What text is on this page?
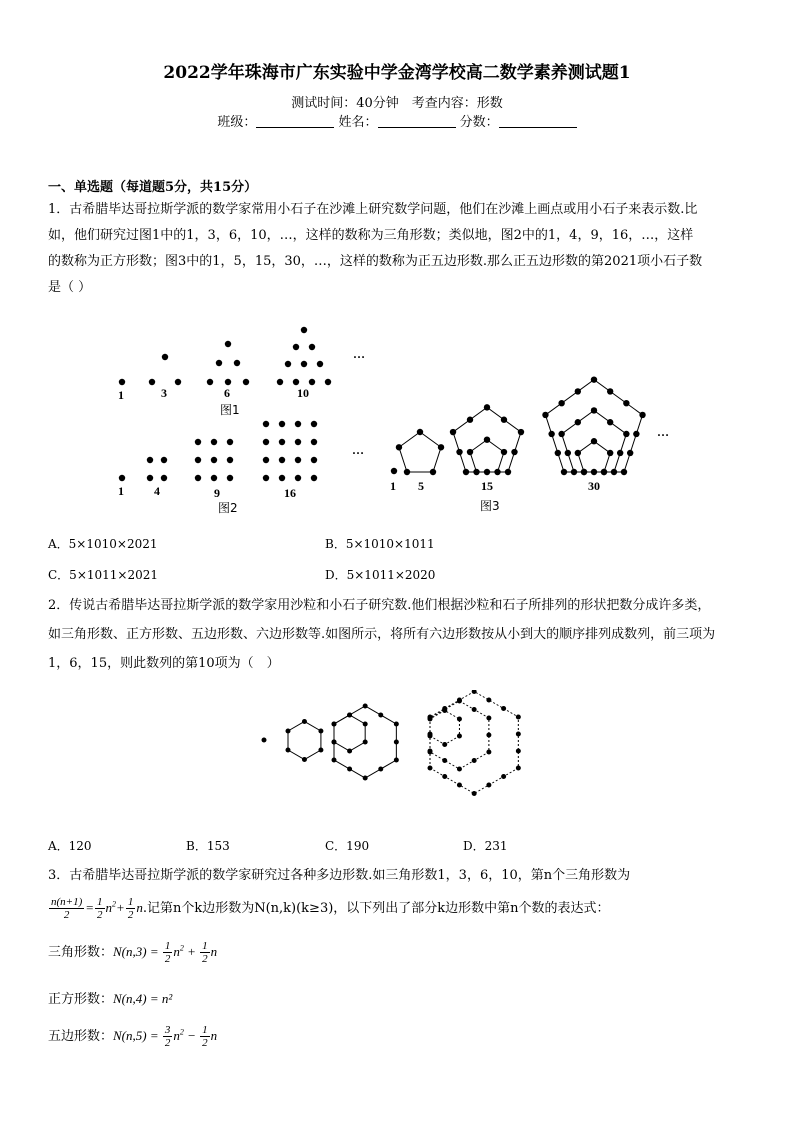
2022学年珠海市广东实验中学金湾学校高二数学素养测试题1
测试时间：40分钟　考查内容：形数
班级：	姓名：	分数：
一、单选题（每道题5分，共15分）
1．古希腊毕达哥拉斯学派的数学家常用小石子在沙滩上研究数学问题，他们在沙滩上画点或用小石子来表示数.比
如，他们研究过图1中的1，3，6，10，…，这样的数称为三角形数；类似地，图2中的1，4，9，16，…，这样
的数称为正方形数；图3中的1，5，15，30，…，这样的数称为正五边形数.那么正五边形数的第2021项小石子数
是（ ）
…
1	3	6	10
图1
…
1	4	9	16
图2
1 5	15	30
图3
…
A．5×1010×2021	B．5×1010×1011
C．5×1011×2021	D．5×1011×2020
2．传说古希腊毕达哥拉斯学派的数学家用沙粒和小石子研究数.他们根据沙粒和石子所排列的形状把数分成许多类，
如三角形数、正方形数、五边形数、六边形数等.如图所示，将所有六边形数按从小到大的顺序排列成数列，前三项为
1，6，15，则此数列的第10项为（　）
A．120	B．153	C．190	D．231
3．古希腊毕达哥拉斯学派的数学家研究过各种多边形数.如三角形数1，3，6，10，第n个三角形数为
$\frac{n(n+1)}{2} = \frac{1}{2} n^2+ \frac{1}{2} n$.记第n个k边形数为N(n,k)(k≥3)，以下列出了部分k边形数中第n个数的表达式：
三角形数：$N(n,3) = \frac{1}{2} n^2 + \frac{1}{2}$ n
正方形数：N(n,4) = n²
五边形数：$N(n,5) = \frac{3}{2} n^2 - \frac{1}{2}$ n
